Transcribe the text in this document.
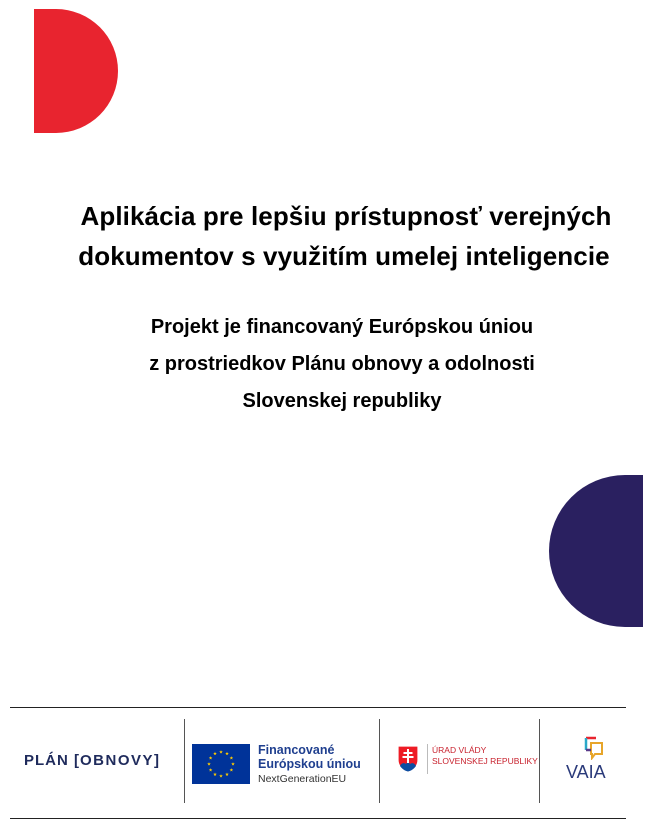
Aplikácia pre lepšiu prístupnosť verejných
dokumentov s využitím umelej inteligencie
Projekt je financovaný Európskou úniou
z prostriedkov Plánu obnovy a odolnosti
Slovenskej republiky
PLÁN [OBNOVY]
Financované
Európskou úniou
NextGenerationEU
ÚRAD VLÁDY
SLOVENSKEJ REPUBLIKY
VAIA
